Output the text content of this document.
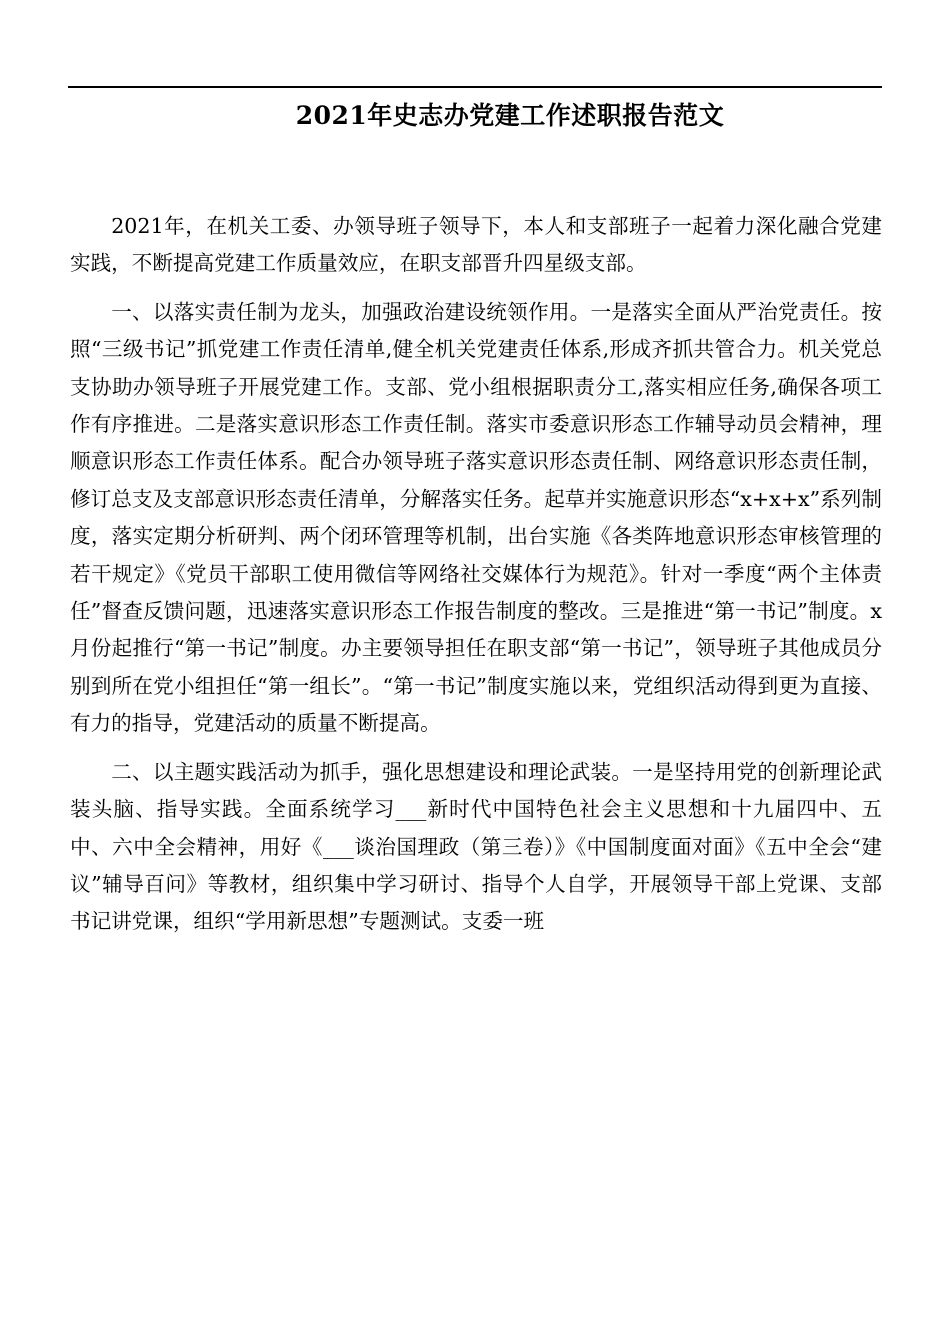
2021年史志办党建工作述职报告范文

2021年，在机关工委、办领导班子领导下，本人和支部班子一起着力深化融合党建实践，不断提高党建工作质量效应，在职支部晋升四星级支部。

一、以落实责任制为龙头，加强政治建设统领作用。一是落实全面从严治党责任。按照“三级书记”抓党建工作责任清单,健全机关党建责任体系,形成齐抓共管合力。机关党总支协助办领导班子开展党建工作。支部、党小组根据职责分工,落实相应任务,确保各项工作有序推进。二是落实意识形态工作责任制。落实市委意识形态工作辅导动员会精神，理顺意识形态工作责任体系。配合办领导班子落实意识形态责任制、网络意识形态责任制，修订总支及支部意识形态责任清单，分解落实任务。起草并实施意识形态“x+x+x”系列制度，落实定期分析研判、两个闭环管理等机制，出台实施《各类阵地意识形态审核管理的若干规定》《党员干部职工使用微信等网络社交媒体行为规范》。针对一季度“两个主体责任”督查反馈问题，迅速落实意识形态工作报告制度的整改。三是推进“第一书记”制度。x月份起推行“第一书记”制度。办主要领导担任在职支部“第一书记”，领导班子其他成员分别到所在党小组担任“第一组长”。“第一书记”制度实施以来，党组织活动得到更为直接、有力的指导，党建活动的质量不断提高。

二、以主题实践活动为抓手，强化思想建设和理论武装。一是坚持用党的创新理论武装头脑、指导实践。全面系统学习___新时代中国特色社会主义思想和十九届四中、五中、六中全会精神，用好《___谈治国理政（第三卷）》《中国制度面对面》《五中全会“建议”辅导百问》等教材，组织集中学习研讨、指导个人自学，开展领导干部上党课、支部书记讲党课，组织“学用新思想”专题测试。支委一班
